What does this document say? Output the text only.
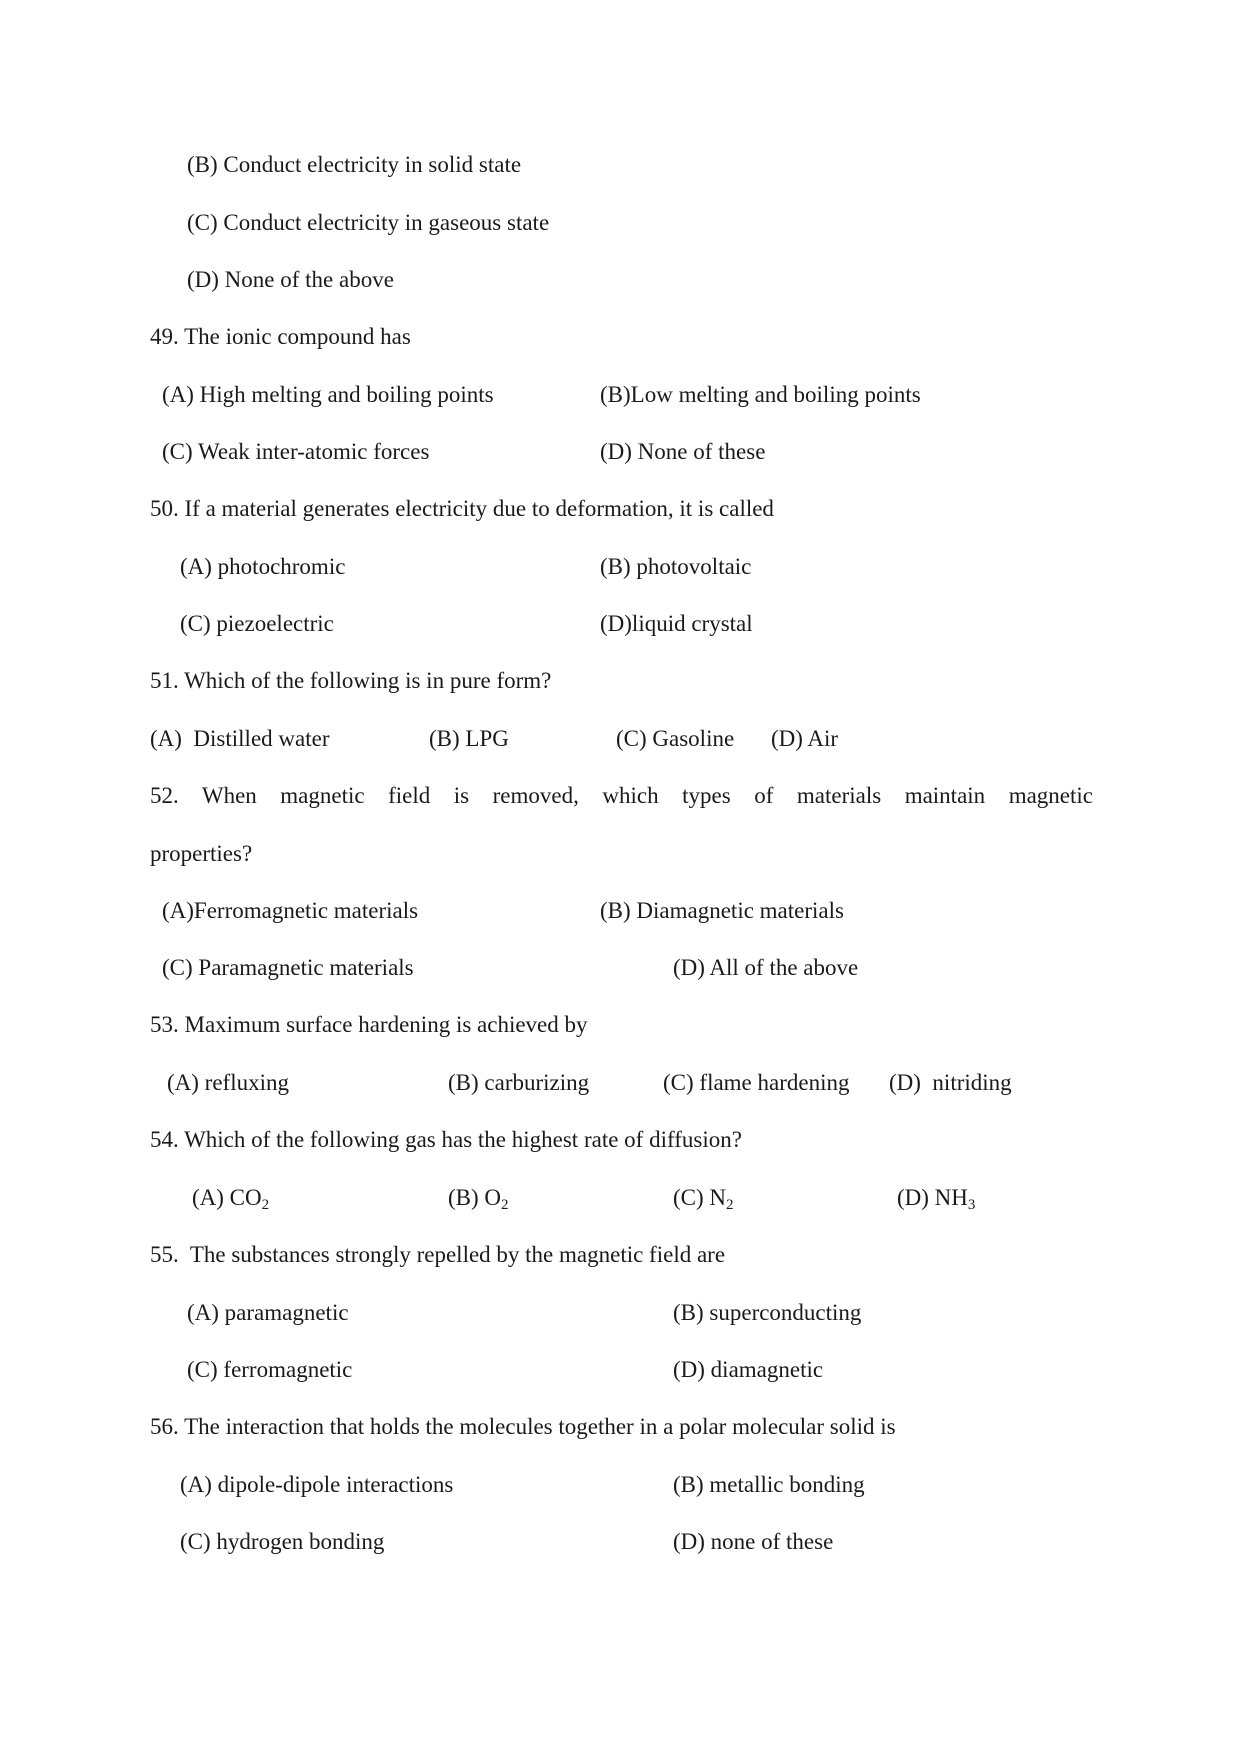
(B) Conduct electricity in solid state
(C) Conduct electricity in gaseous state
(D) None of the above
49. The ionic compound has
(A) High melting and boiling points	(B)Low melting and boiling points
(C) Weak inter-atomic forces	(D) None of these
50. If a material generates electricity due to deformation, it is called
(A) photochromic	(B) photovoltaic
(C) piezoelectric	(D)liquid crystal
51. Which of the following is in pure form?
(A)  Distilled water	(B) LPG	(C) Gasoline (D) Air
52. When magnetic field is removed, which types of materials maintain magnetic
properties?
(A)Ferromagnetic materials	(B) Diamagnetic materials
(C) Paramagnetic materials	(D) All of the above
53. Maximum surface hardening is achieved by
(A) refluxing	(B) carburizing	(C) flame hardening (D)  nitriding
54. Which of the following gas has the highest rate of diffusion?
(A) $CO_2$	(B) $O_2$	(C) $N_2$	(D) $NH_3$
55.  The substances strongly repelled by the magnetic field are
(A) paramagnetic	(B) superconducting
(C) ferromagnetic	(D) diamagnetic
56. The interaction that holds the molecules together in a polar molecular solid is
(A) dipole-dipole interactions	(B) metallic bonding
(C) hydrogen bonding	(D) none of these
